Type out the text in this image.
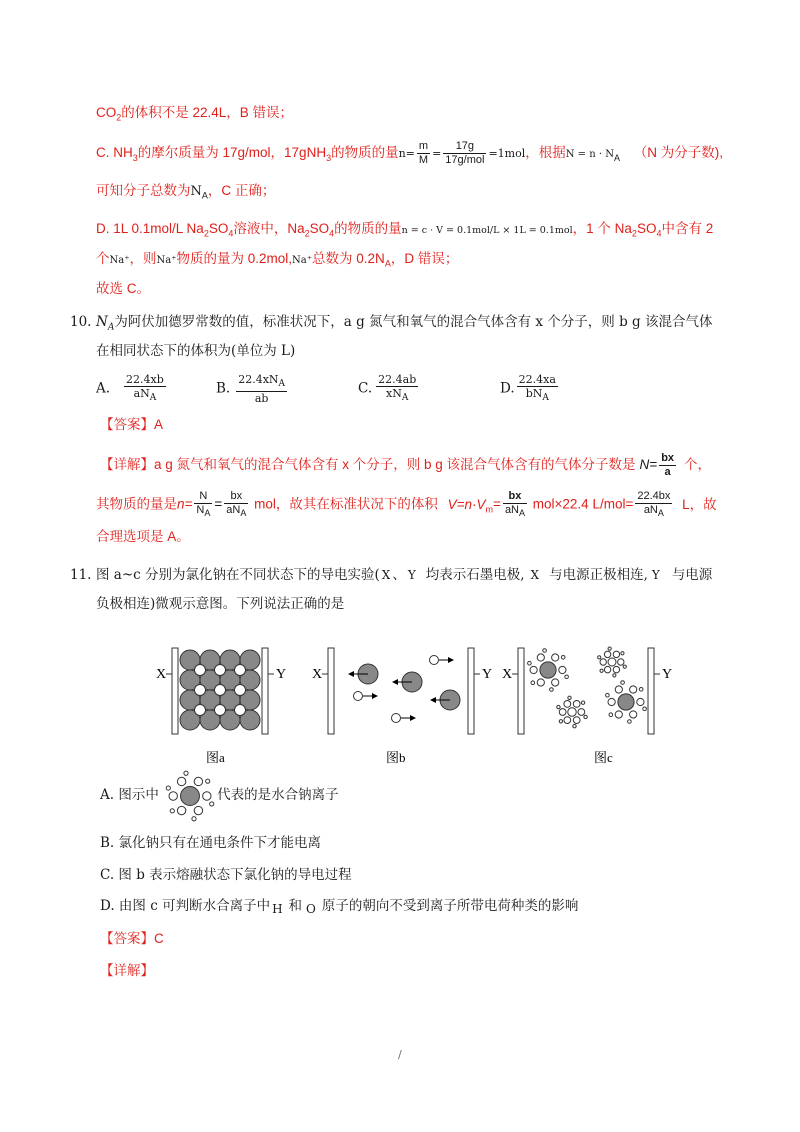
$CO_2$的体积不是 22.4L，B 错误；
C. $NH_3$的摩尔质量为 17g/mol，17gNH$_3$的物质的量$n= \frac{m}{M} = \frac{17g}{\text{17g/mol}} =1mol$，根据$N = n \cdot N_A$ （N 为分子数),
可知分子总数为$N_A$，C 正确；
D. 1L 0.1mol/L $Na_2SO_4$溶液中，$Na_2SO_4$的物质的量n = c · V = 0.1mol/L × 1L = 0.1mol，1 个 $Na_2SO_4$中含有 2
个Na⁺，则Na⁺物质的量为 0.2mol,Na⁺总数为 $0.2N_A$，D 错误；
故选 C。
10. $N_A$为阿伏加德罗常数的值，标准状况下，a g 氮气和氧气的混合气体含有 x 个分子，则 b g 该混合气体
在相同状态下的体积为(单位为 L)
A. $\frac{22.4xb}{aN_A}$	B. $\frac{22.4xN_A}{ab}$	C. $\frac{22.4ab}{xN_A}$	D. $\frac{22.4xa}{bN_A}$
【答案】A
【详解】a g 氮气和氧气的混合气体含有 x 个分子，则 b g 该混合气体含有的气体分子数是 $N= \frac{bx}{a}$ 个，
其物质的量是$n= \frac{N}{N_A} = \frac{bx}{aN_A}$ mol，故其在标准状况下的体积 $V=n\cdot V_m= \frac{bx}{aN_A} mol\times 22.4$ $L/mol= \frac{22.4bx}{aN_A}$ L，故
合理选项是 A。
11. 图 a~c 分别为氯化钠在不同状态下的导电实验( X 、 Y 均表示石墨电极, X 与电源正极相连, Y 与电源
负极相连)微观示意图。下列说法正确的是
X	Y
图a
X	Y
图b
X	Y
图c
A. 图示中	代表的是水合钠离子
B. 氯化钠只有在通电条件下才能电离
C. 图 b 表示熔融状态下氯化钠的导电过程
D. 由图 c 可判断水合离子中 H 和 O 原子的朝向不受到离子所带电荷种类的影响
【答案】C
【详解】
/
